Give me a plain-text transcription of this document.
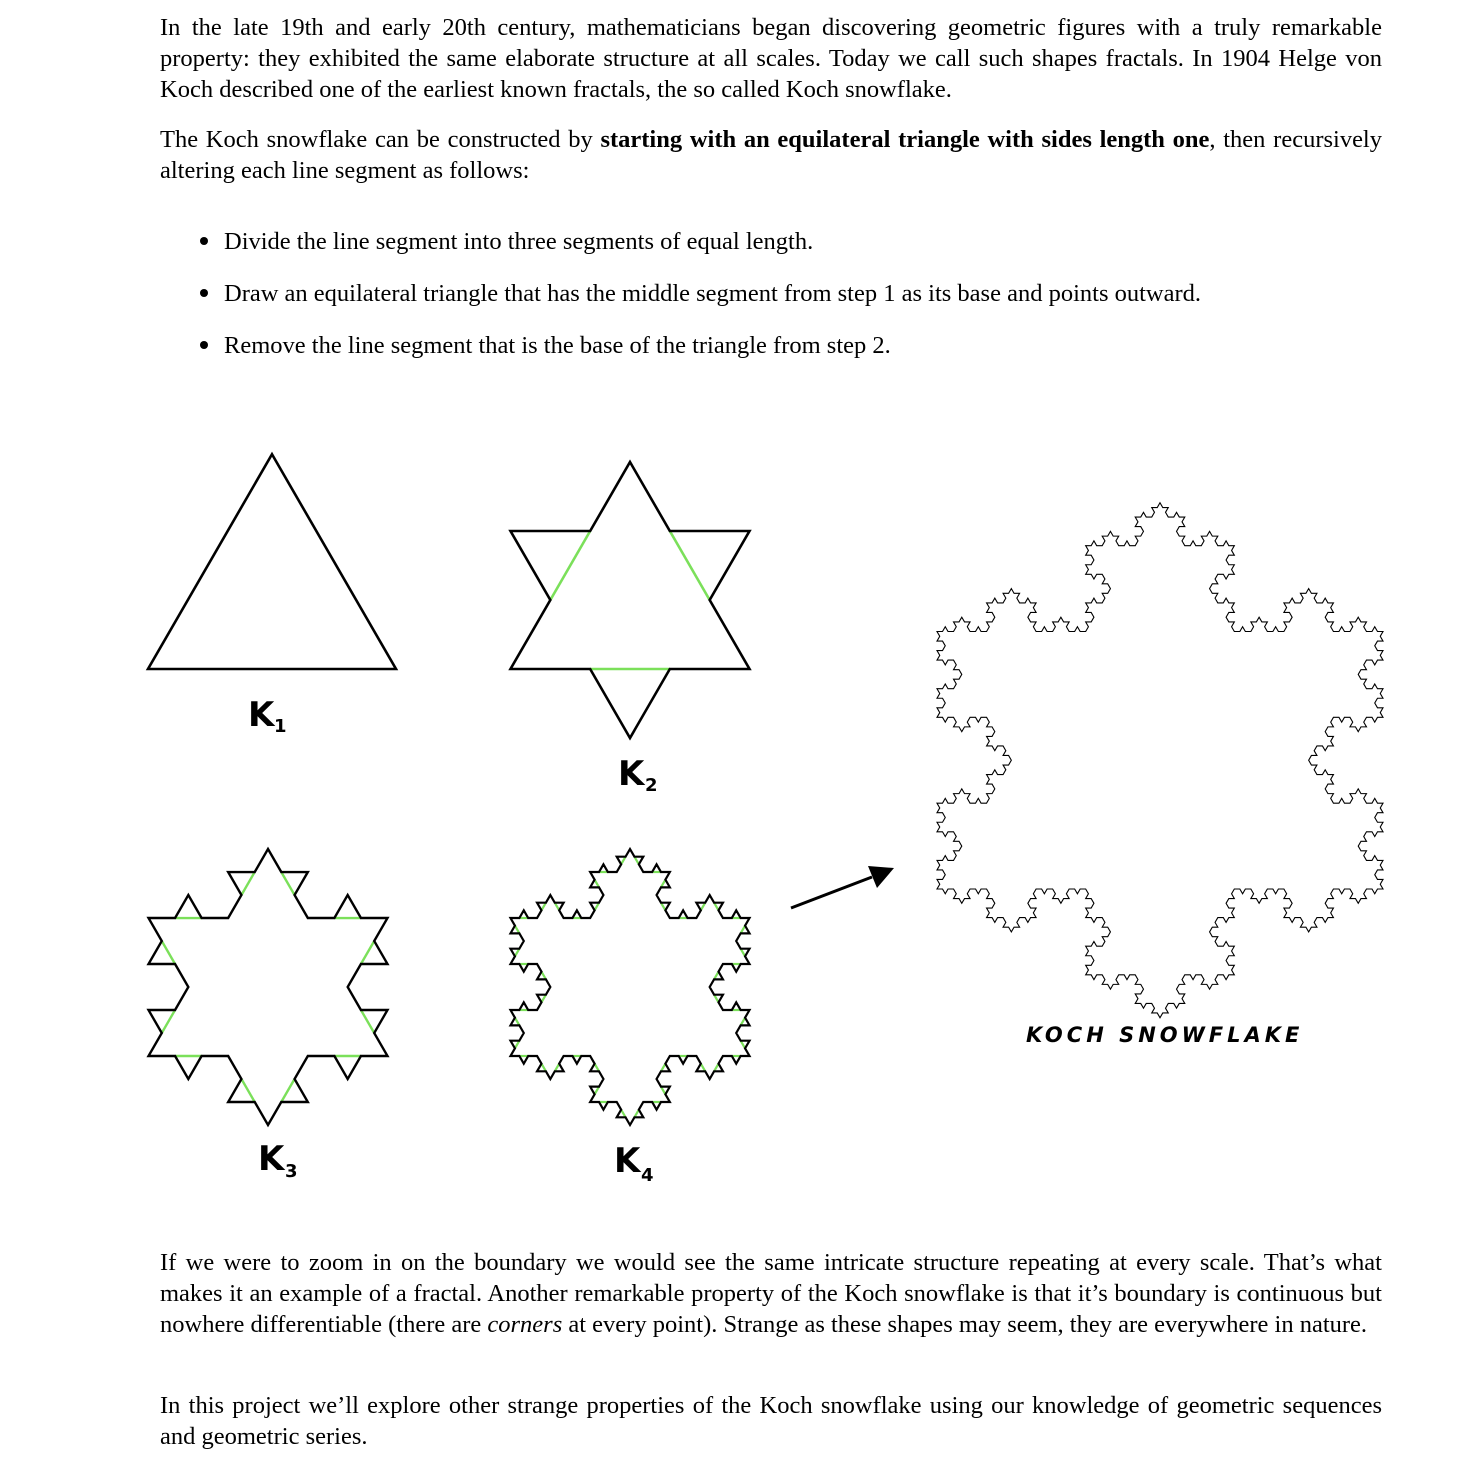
In the late 19th and early 20th century, mathematicians began discovering geometric figures with a truly remarkable property: they exhibited the same elaborate structure at all scales. Today we call such shapes fractals. In 1904 Helge von Koch described one of the earliest known fractals, the so called Koch snowflake.

The Koch snowflake can be constructed by starting with an equilateral triangle with sides length one, then recursively altering each line segment as follows:

Divide the line segment into three segments of equal length.
Draw an equilateral triangle that has the middle segment from step 1 as its base and points outward.
Remove the line segment that is the base of the triangle from step 2.
K 1
K 2
K 3	K 4
KOCH SNOWFLAKE

If we were to zoom in on the boundary we would see the same intricate structure repeating at every scale. That’s what makes it an example of a fractal. Another remarkable property of the Koch snowflake is that it’s boundary is continuous but nowhere differentiable (there are corners at every point). Strange as these shapes may seem, they are everywhere in nature.

In this project we’ll explore other strange properties of the Koch snowflake using our knowledge of geometric sequences and geometric series.
